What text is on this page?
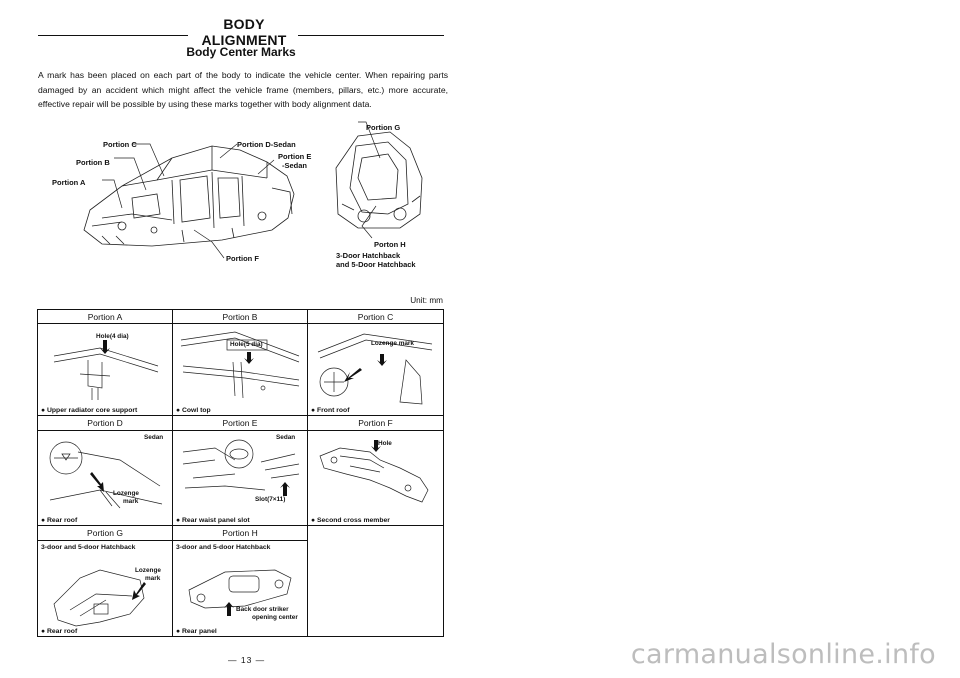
BODY ALIGNMENT
Body Center Marks
A mark has been placed on each part of the body to indicate the vehicle center. When repairing parts damaged by an accident which might affect the vehicle frame (members, pillars, etc.) more accurate, effective repair will be possible by using these marks together with body alignment data.
Portion C
Portion B
Portion A
Portion D-Sedan
Portion E
-Sedan
Portion F
Portion G
Porton H
3-Door Hatchback
and 5-Door Hatchback
Unit: mm
Portion A	Portion B	Portion C
Hole(4 dia)
Hole(5 dia)	Lozenge mark
● Upper radiator core support	● Cowl top	● Front roof
Portion D	Portion E	Portion F
Sedan
Lozenge
mark
Sedan
Slot(7×11)
Hole
● Rear roof	● Rear waist panel slot	● Second cross member
Portion G	Portion H
3-door and 5-door Hatchback	3-door and 5-door Hatchback
Lozenge
mark
Back door striker
opening center
● Rear roof	● Rear panel
— 13 —	carmanualsonline.info
